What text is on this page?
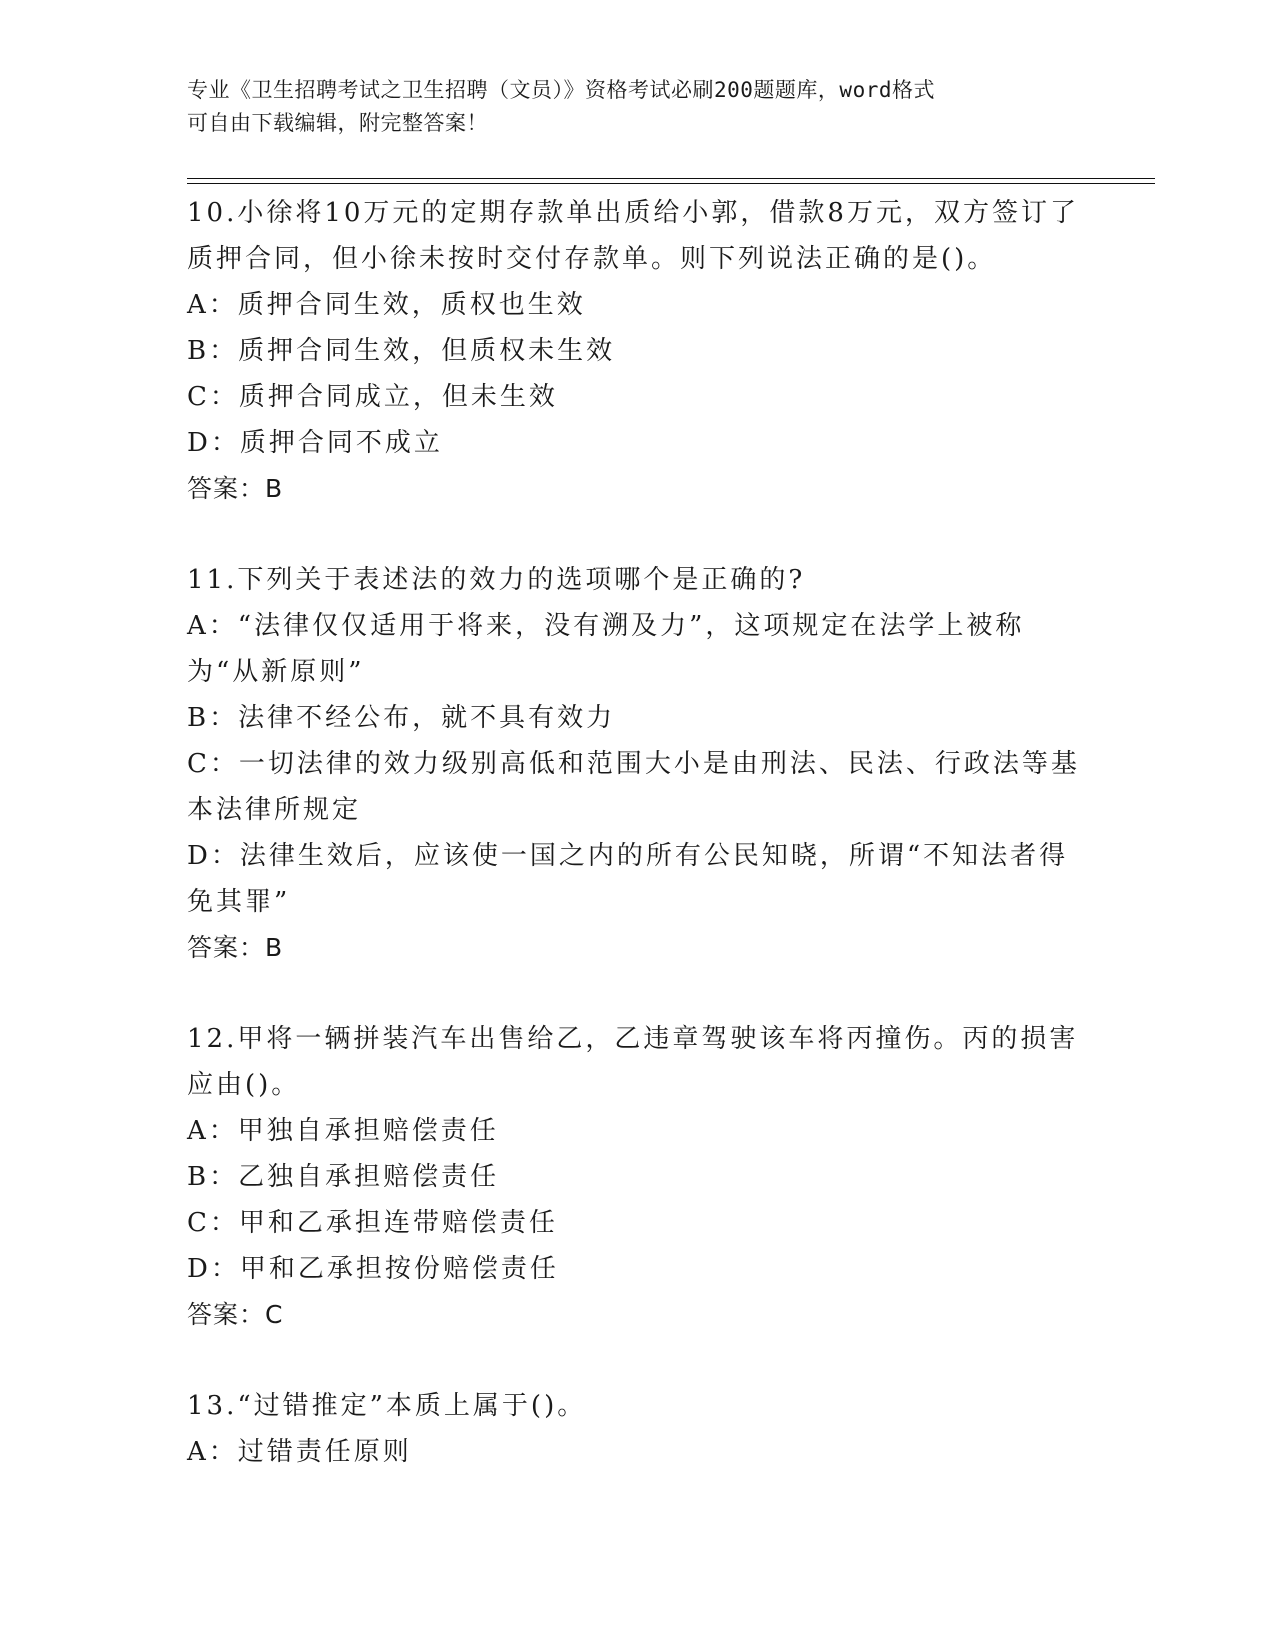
专业《卫生招聘考试之卫生招聘（文员）》资格考试必刷200题题库，word格式
可自由下载编辑，附完整答案！

10.小徐将10万元的定期存款单出质给小郭，借款8万元，双方签订了质押合同，但小徐未按时交付存款单。则下列说法正确的是()。

A：质押合同生效，质权也生效

B：质押合同生效，但质权未生效

C：质押合同成立，但未生效

D：质押合同不成立

答案：B

11.下列关于表述法的效力的选项哪个是正确的?

A：“法律仅仅适用于将来，没有溯及力”，这项规定在法学上被称为“从新原则”

B：法律不经公布，就不具有效力

C：一切法律的效力级别高低和范围大小是由刑法、民法、行政法等基本法律所规定

D：法律生效后，应该使一国之内的所有公民知晓，所谓“不知法者得免其罪”

答案：B

12.甲将一辆拼装汽车出售给乙，乙违章驾驶该车将丙撞伤。丙的损害应由()。

A：甲独自承担赔偿责任

B：乙独自承担赔偿责任

C：甲和乙承担连带赔偿责任

D：甲和乙承担按份赔偿责任

答案：C

13.“过错推定”本质上属于()。

A：过错责任原则
